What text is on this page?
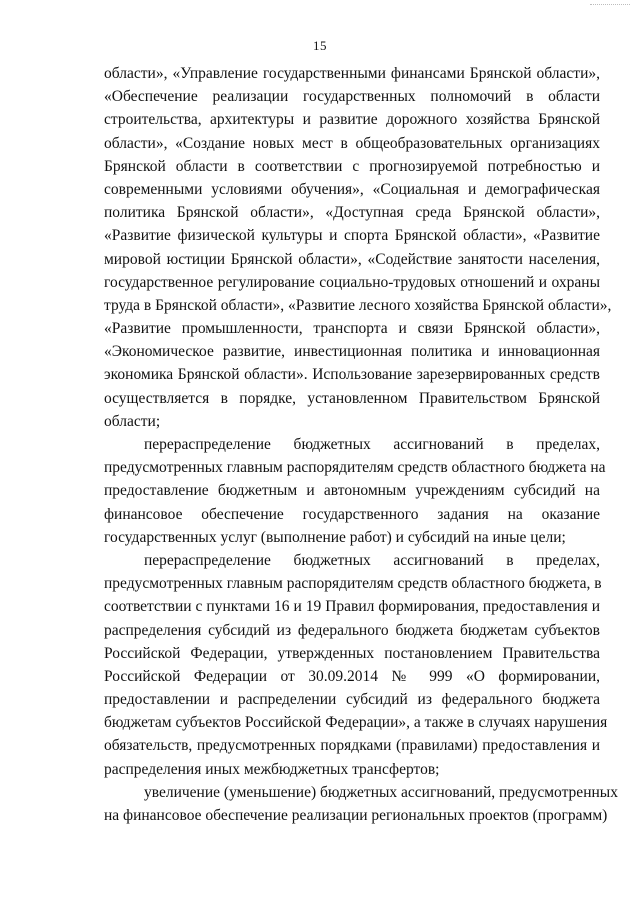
15
области», «Управление государственными финансами Брянской области»,
«Обеспечение реализации государственных полномочий в области
строительства, архитектуры и развитие дорожного хозяйства Брянской
области», «Создание новых мест в общеобразовательных организациях
Брянской области в соответствии с прогнозируемой потребностью и
современными условиями обучения», «Социальная и демографическая
политика Брянской области», «Доступная среда Брянской области»,
«Развитие физической культуры и спорта Брянской области», «Развитие
мировой юстиции Брянской области», «Содействие занятости населения,
государственное регулирование социально-трудовых отношений и охраны
труда в Брянской области», «Развитие лесного хозяйства Брянской области»,
«Развитие промышленности, транспорта и связи Брянской области»,
«Экономическое развитие, инвестиционная политика и инновационная
экономика Брянской области». Использование зарезервированных средств
осуществляется в порядке, установленном Правительством Брянской
области;
перераспределение бюджетных ассигнований в пределах,
предусмотренных главным распорядителям средств областного бюджета на
предоставление бюджетным и автономным учреждениям субсидий на
финансовое обеспечение государственного задания на оказание
государственных услуг (выполнение работ) и субсидий на иные цели;
перераспределение бюджетных ассигнований в пределах,
предусмотренных главным распорядителям средств областного бюджета, в
соответствии с пунктами 16 и 19 Правил формирования, предоставления и
распределения субсидий из федерального бюджета бюджетам субъектов
Российской Федерации, утвержденных постановлением Правительства
Российской Федерации от 30.09.2014 № 999 «О формировании,
предоставлении и распределении субсидий из федерального бюджета
бюджетам субъектов Российской Федерации», а также в случаях нарушения
обязательств, предусмотренных порядками (правилами) предоставления и
распределения иных межбюджетных трансфертов;
увеличение (уменьшение) бюджетных ассигнований, предусмотренных
на финансовое обеспечение реализации региональных проектов (программ)
